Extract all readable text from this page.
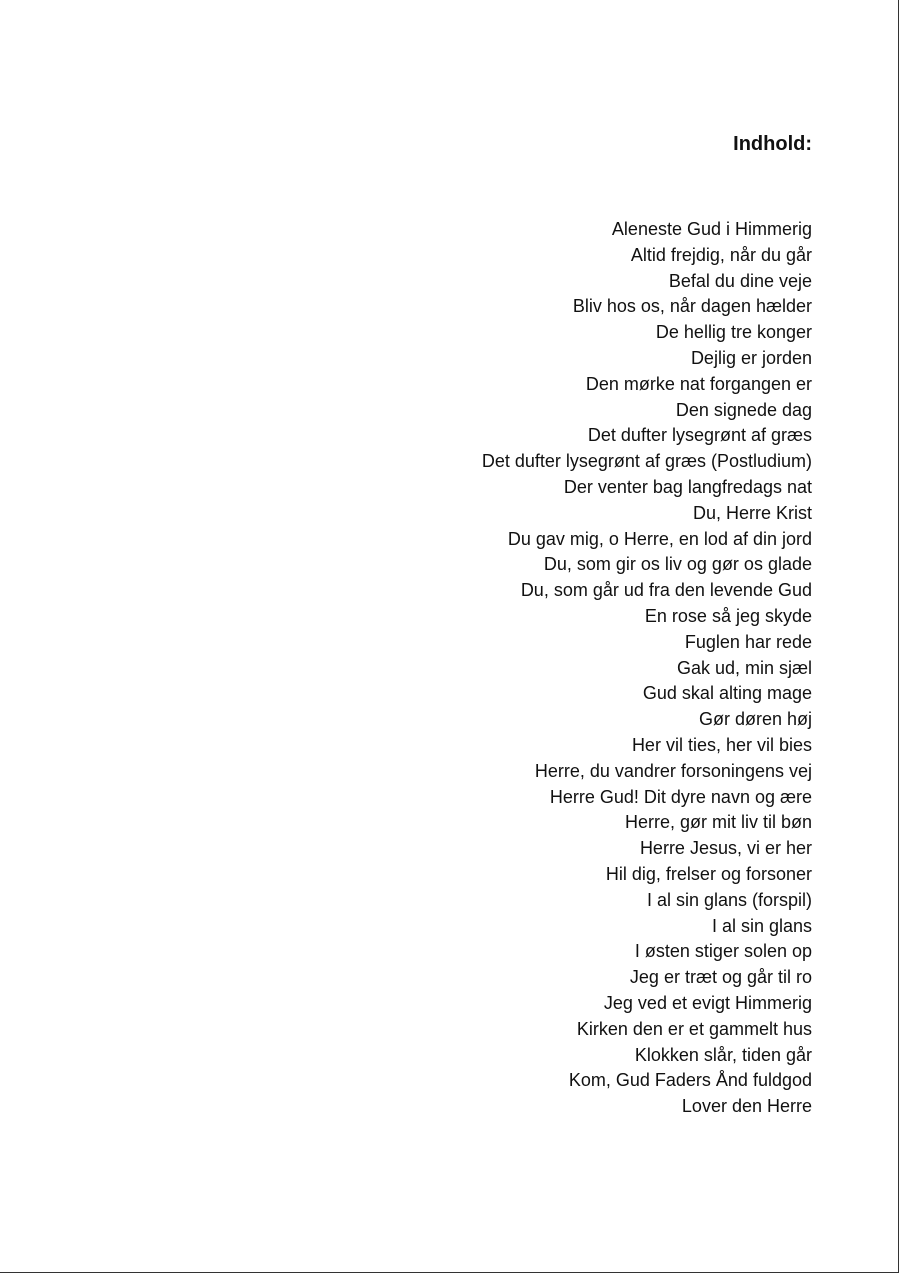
Indhold:
Aleneste Gud i Himmerig
Altid frejdig, når du går
Befal du dine veje
Bliv hos os, når dagen hælder
De hellig tre konger
Dejlig er jorden
Den mørke nat forgangen er
Den signede dag
Det dufter lysegrønt af græs
Det dufter lysegrønt af græs (Postludium)
Der venter bag langfredags nat
Du, Herre Krist
Du gav mig, o Herre, en lod af din jord
Du, som gir os liv og gør os glade
Du, som går ud fra den levende Gud
En rose så jeg skyde
Fuglen har rede
Gak ud, min sjæl
Gud skal alting mage
Gør døren høj
Her vil ties, her vil bies
Herre, du vandrer forsoningens vej
Herre Gud! Dit dyre navn og ære
Herre, gør mit liv til bøn
Herre Jesus, vi er her
Hil dig, frelser og forsoner
I al sin glans (forspil)
I al sin glans
I østen stiger solen op
Jeg er træt og går til ro
Jeg ved et evigt Himmerig
Kirken den er et gammelt hus
Klokken slår, tiden går
Kom, Gud Faders Ånd fuldgod
Lover den Herre
